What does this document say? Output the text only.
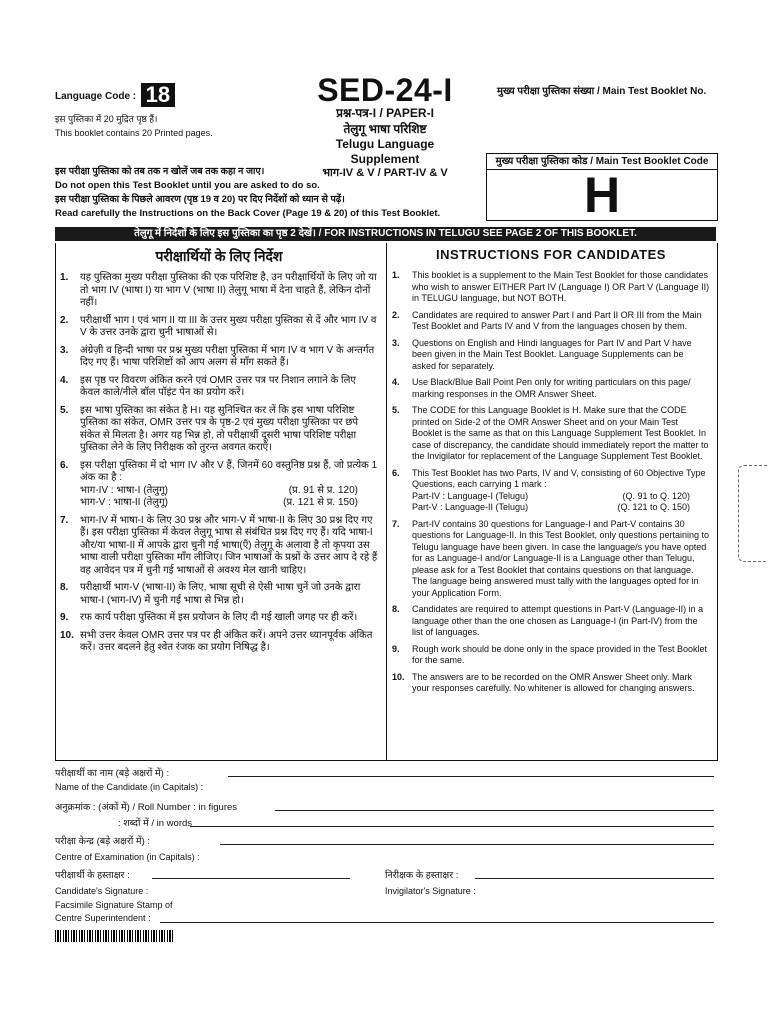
Language Code : 18
इस पुस्तिका में 20 मुद्रित पृष्ठ हैं।
This booklet contains 20 Printed pages.
SED-24-I
प्रश्न-पत्र-I / PAPER-I
तेलुगू भाषा परिशिष्ट
Telugu Language Supplement
भाग-IV & V / PART-IV & V
मुख्य परीक्षा पुस्तिका संख्या / Main Test Booklet No.
मुख्य परीक्षा पुस्तिका कोड / Main Test Booklet Code
H
इस परीक्षा पुस्तिका को तब तक न खोलें जब तक कहा न जाए।
Do not open this Test Booklet until you are asked to do so.
इस परीक्षा पुस्तिका के पिछले आवरण (पृष्ठ 19 व 20) पर दिए निर्देशों को ध्यान से पढ़ें।
Read carefully the Instructions on the Back Cover (Page 19 & 20) of this Test Booklet.
तेलुगू में निर्देशों के लिए इस पुस्तिका का पृष्ठ 2 देखें। / FOR INSTRUCTIONS IN TELUGU SEE PAGE 2 OF THIS BOOKLET.
परीक्षार्थियों के लिए निर्देश
1. यह पुस्तिका मुख्य परीक्षा पुस्तिका की एक परिशिष्ट है, उन परीक्षार्थियों के लिए जो या तो भाग IV (भाषा I) या भाग V (भाषा II) तेलुगू भाषा में देना चाहते हैं, लेकिन दोनों नहीं।
2. परीक्षार्थी भाग I एवं भाग II या III के उत्तर मुख्य परीक्षा पुस्तिका से दें और भाग IV व V के उत्तर उनके द्वारा चुनी भाषाओं से।
3. अंग्रेज़ी व हिन्दी भाषा पर प्रश्न मुख्य परीक्षा पुस्तिका में भाग IV व भाग V के अन्तर्गत दिए गए हैं। भाषा परिशिष्टों को आप अलग से माँग सकते हैं।
4. इस पृष्ठ पर विवरण अंकित करने एवं OMR उत्तर पत्र पर निशान लगाने के लिए केवल काले/नीले बॉल पॉइंट पेन का प्रयोग करें।
5. इस भाषा पुस्तिका का संकेत है H। यह सुनिश्चित कर लें कि इस भाषा परिशिष्ट पुस्तिका का संकेत, OMR उत्तर पत्र के पृष्ठ-2 एवं मुख्य परीक्षा पुस्तिका पर छपे संकेत से मिलता है। अगर यह भिन्न हो, तो परीक्षार्थी दूसरी भाषा परिशिष्ट परीक्षा पुस्तिका लेने के लिए निरीक्षक को तुरन्त अवगत कराएँ।
6. इस परीक्षा पुस्तिका में दो भाग IV और V हैं, जिनमें 60 वस्तुनिष्ठ प्रश्न हैं, जो प्रत्येक 1 अंक का है :
भाग-IV : भाषा-I (तेलुगू)	(प्र. 91 से प्र. 120)
भाग-V : भाषा-II (तेलुगू)	(प्र. 121 से प्र. 150)
7. भाग-IV में भाषा-I के लिए 30 प्रश्न और भाग-V में भाषा-II के लिए 30 प्रश्न दिए गए हैं। इस परीक्षा पुस्तिका में केवल तेलुगू भाषा से संबंधित प्रश्न दिए गए हैं। यदि भाषा-I और/या भाषा-II में आपके द्वारा चुनी गई भाषा(एँ) तेलुगू के अलावा है तो कृपया उस भाषा वाली परीक्षा पुस्तिका माँग लीजिए। जिन भाषाओं के प्रश्नों के उत्तर आप दे रहे हैं वह आवेदन पत्र में चुनी गई भाषाओं से अवश्य मेल खानी चाहिए।
8. परीक्षार्थी भाग-V (भाषा-II) के लिए, भाषा सूची से ऐसी भाषा चुनें जो उनके द्वारा भाषा-I (भाग-IV) में चुनी गई भाषा से भिन्न हो।
9. रफ कार्य परीक्षा पुस्तिका में इस प्रयोजन के लिए दी गई खाली जगह पर ही करें।
10. सभी उत्तर केवल OMR उत्तर पत्र पर ही अंकित करें। अपने उत्तर ध्यानपूर्वक अंकित करें। उत्तर बदलने हेतु श्वेत रंजक का प्रयोग निषिद्ध है।
INSTRUCTIONS FOR CANDIDATES
1. This booklet is a supplement to the Main Test Booklet for those candidates who wish to answer EITHER Part IV (Language I) OR Part V (Language II) in TELUGU language, but NOT BOTH.
2. Candidates are required to answer Part I and Part II OR III from the Main Test Booklet and Parts IV and V from the languages chosen by them.
3. Questions on English and Hindi languages for Part IV and Part V have been given in the Main Test Booklet. Language Supplements can be asked for separately.
4. Use Black/Blue Ball Point Pen only for writing particulars on this page/ marking responses in the OMR Answer Sheet.
5. The CODE for this Language Booklet is H. Make sure that the CODE printed on Side-2 of the OMR Answer Sheet and on your Main Test Booklet is the same as that on this Language Supplement Test Booklet. In case of discrepancy, the candidate should immediately report the matter to the Invigilator for replacement of the Language Supplement Test Booklet.
6. This Test Booklet has two Parts, IV and V, consisting of 60 Objective Type Questions, each carrying 1 mark :
Part-IV : Language-I (Telugu)	(Q. 91 to Q. 120)
Part-V : Language-II (Telugu)	(Q. 121 to Q. 150)
7. Part-IV contains 30 questions for Language-I and Part-V contains 30 questions for Language-II. In this Test Booklet, only questions pertaining to Telugu language have been given. In case the language/s you have opted for as Language-I and/or Language-II is a Language other than Telugu, please ask for a Test Booklet that contains questions on that language. The language being answered must tally with the languages opted for in your Application Form.
8. Candidates are required to attempt questions in Part-V (Language-II) in a language other than the one chosen as Language-I (in Part-IV) from the list of languages.
9. Rough work should be done only in the space provided in the Test Booklet for the same.
10. The answers are to be recorded on the OMR Answer Sheet only. Mark your responses carefully. No whitener is allowed for changing answers.
परीक्षार्थी का नाम (बड़े अक्षरों में) :
Name of the Candidate (in Capitals) :
अनुक्रमांक : (अंकों में) / Roll Number : in figures
: शब्दों में / in words
परीक्षा केन्द्र (बड़े अक्षरों में) :
Centre of Examination (in Capitals) :
परीक्षार्थी के हस्ताक्षर :	निरीक्षक के हस्ताक्षर :
Candidate's Signature :	Invigilator's Signature :
Facsimile Signature Stamp of
Centre Superintendent :
